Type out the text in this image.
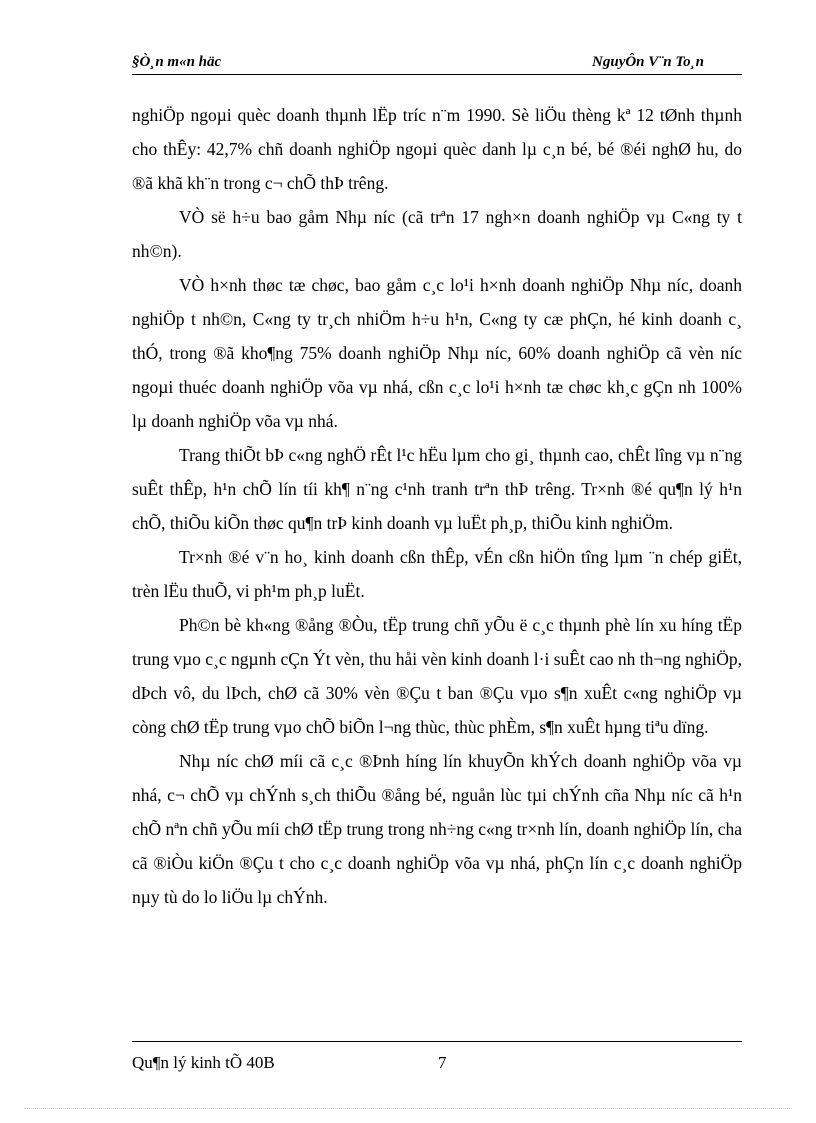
§Ò¸n m«n häc	NguyÔn V¨n To¸n

nghiÖp ngoµi quèc doanh thµnh lËp tríc n¨m 1990. Sè liÖu thèng kª 12 tØnh thµnh cho thÊy: 42,7% chñ doanh nghiÖp ngoµi quèc danh lµ c¸n bé, bé ®éi nghØ hu, do ®ã khã kh¨n trong c¬ chÕ thÞ trêng.

VÒ së h÷u bao gåm Nhµ níc (cã trªn 17 ngh×n doanh nghiÖp vµ C«ng ty t nh©n).

VÒ h×nh thøc tæ chøc, bao gåm c¸c lo¹i h×nh doanh nghiÖp Nhµ níc, doanh nghiÖp t nh©n, C«ng ty tr¸ch nhiÖm h÷u h¹n, C«ng ty cæ phÇn, hé kinh doanh c¸ thÓ, trong ®ã kho¶ng 75% doanh nghiÖp Nhµ níc, 60% doanh nghiÖp cã vèn níc ngoµi thuéc doanh nghiÖp võa vµ nhá, cßn c¸c lo¹i h×nh tæ chøc kh¸c gÇn nh 100% lµ doanh nghiÖp võa vµ nhá.

Trang thiÕt bÞ c«ng nghÖ rÊt l¹c hËu lµm cho gi¸ thµnh cao, chÊt lîng vµ n¨ng suÊt thÊp, h¹n chÕ lín tíi kh¶ n¨ng c¹nh tranh trªn thÞ trêng. Tr×nh ®é qu¶n lý h¹n chÕ, thiÕu kiÕn thøc qu¶n trÞ kinh doanh vµ luËt ph¸p, thiÕu kinh nghiÖm.

Tr×nh ®é v¨n ho¸ kinh doanh cßn thÊp, vÉn cßn hiÖn tîng lµm ¨n chép giËt, trèn lËu thuÕ, vi ph¹m ph¸p luËt.

Ph©n bè kh«ng ®ång ®Òu, tËp trung chñ yÕu ë c¸c thµnh phè lín xu híng tËp trung vµo c¸c ngµnh cÇn Ýt vèn, thu håi vèn kinh doanh l·i suÊt cao nh th¬ng nghiÖp, dÞch vô, du lÞch, chØ cã 30% vèn ®Çu t ban ®Çu vµo s¶n xuÊt c«ng nghiÖp vµ còng chØ tËp trung vµo chÕ biÕn l¬ng thùc, thùc phÈm, s¶n xuÊt hµng tiªu dïng.

Nhµ níc chØ míi cã c¸c ®Þnh híng lín khuyÕn khÝch doanh nghiÖp võa vµ nhá, c¬ chÕ vµ chÝnh s¸ch thiÕu ®ång bé, nguån lùc tµi chÝnh cña Nhµ níc cã h¹n chÕ nªn chñ yÕu míi chØ tËp trung trong nh÷ng c«ng tr×nh lín, doanh nghiÖp lín, cha cã ®iÒu kiÖn ®Çu t cho c¸c doanh nghiÖp võa vµ nhá, phÇn lín c¸c doanh nghiÖp nµy tù do lo liÖu lµ chÝnh.

Qu¶n lý kinh tÕ 40B	7
